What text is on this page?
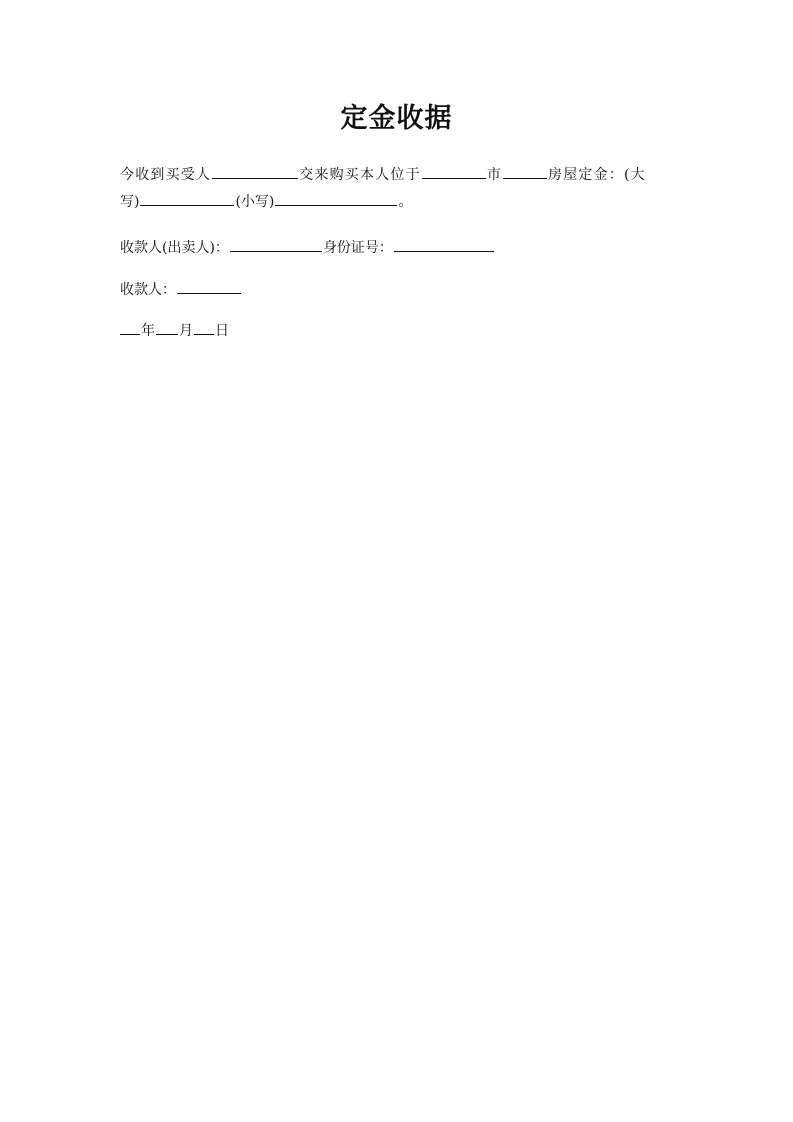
定金收据
今收到买受人	交来购买本人位于	市	房屋定金：(大
写)	(小写)	。
收款人(出卖人)：	身份证号：
收款人：
年 月 日
